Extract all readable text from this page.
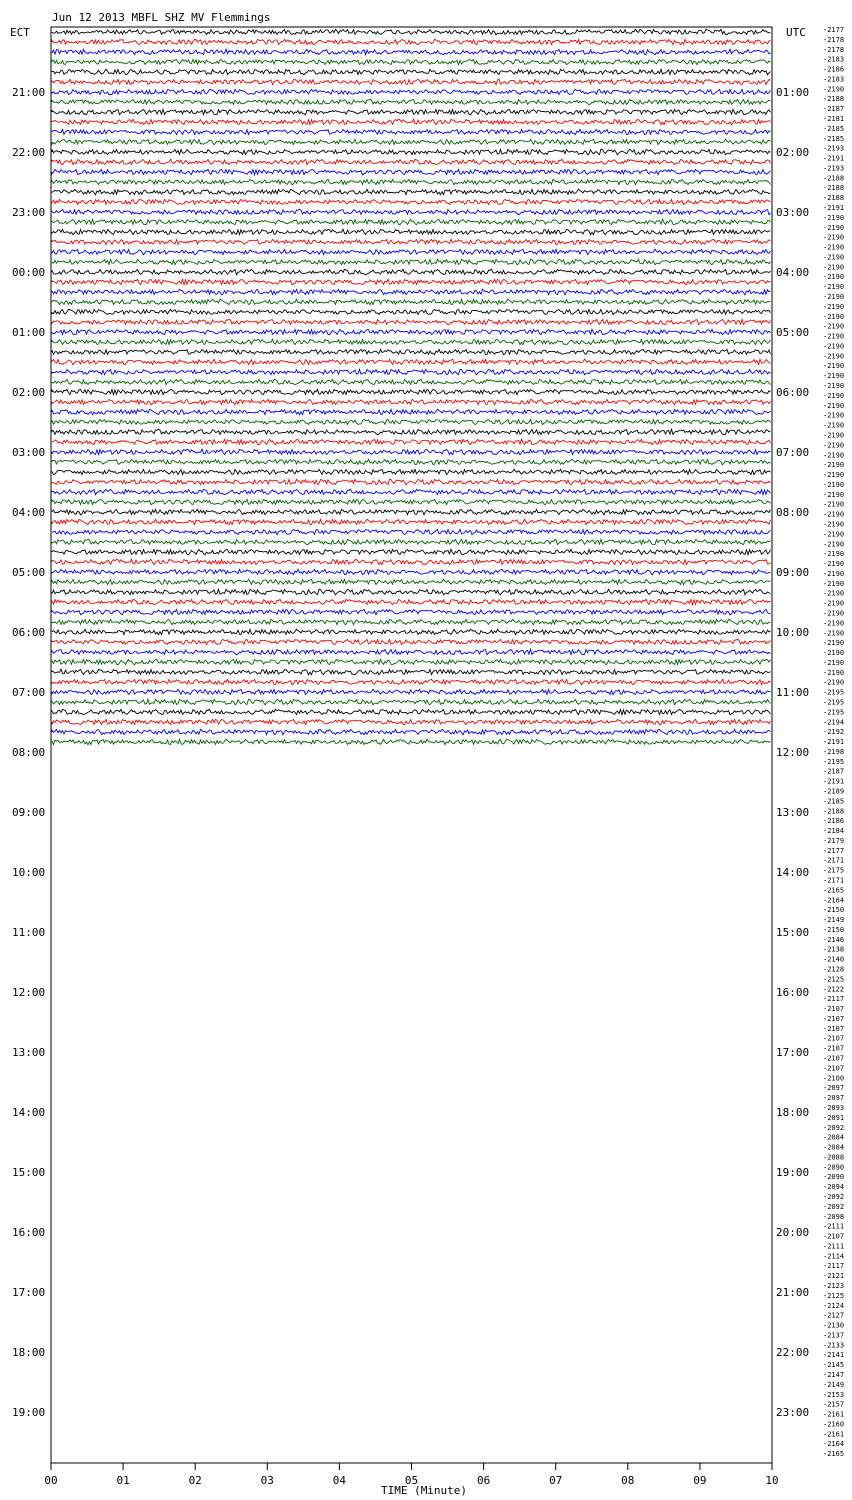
Jun 12 2013 MBFL SHZ MV Flemmings
ECT	UTC
21:00
22:00
23:00
00:00
01:00
02:00
03:00
04:00
05:00
06:00
07:00
08:00
09:00
10:00
11:00
12:00
13:00
14:00
15:00
16:00
17:00
18:00
19:00
01:00
02:00
03:00
04:00
05:00
06:00
07:00
08:00
09:00
10:00
11:00
12:00
13:00
14:00
15:00
16:00
17:00
18:00
19:00
20:00
21:00
22:00
23:00
-2177
-2178
-2178
-2183
-2186
-2183
-2190
-2188
-2187
-2181
-2185
-2185
-2193
-2191
-2193
-2188
-2188
-2188
-2191
-2190
-2190
-2190
-2190
-2190
-2190
-2190
-2190
-2190
-2190
-2190
-2190
-2190
-2190
-2190
-2190
-2190
-2190
-2190
-2190
-2190
-2190
-2190
-2190
-2190
-2190
-2190
-2190
-2190
-2190
-2190
-2190
-2190
-2190
-2190
-2190
-2190
-2190
-2190
-2190
-2190
-2190
-2190
-2190
-2190
-2190
-2190
-2190
-2195
-2195
-2195
-2194
-2192
-2191
-2198
-2195
-2187
-2191
-2189
-2185
-2188
-2186
-2184
-2179
-2177
-2171
-2175
-2171
-2165
-2164
-2150
-2149
-2150
-2146
-2138
-2140
-2128
-2125
-2122
-2117
-2107
-2107
-2107
-2107
-2107
-2107
-2107
-2100
-2097
-2097
-2093
-2091
-2092
-2084
-2084
-2088
-2090
-2090
-2094
-2092
-2092
-2098
-2111
-2107
-2111
-2114
-2117
-2121
-2123
-2125
-2124
-2127
-2130
-2137
-2133
-2141
-2145
-2147
-2149
-2153
-2157
-2161
-2160
-2161
-2164
-2165
00	01	02	03	04	05	06	07	08	09	10
TIME (Minute)
